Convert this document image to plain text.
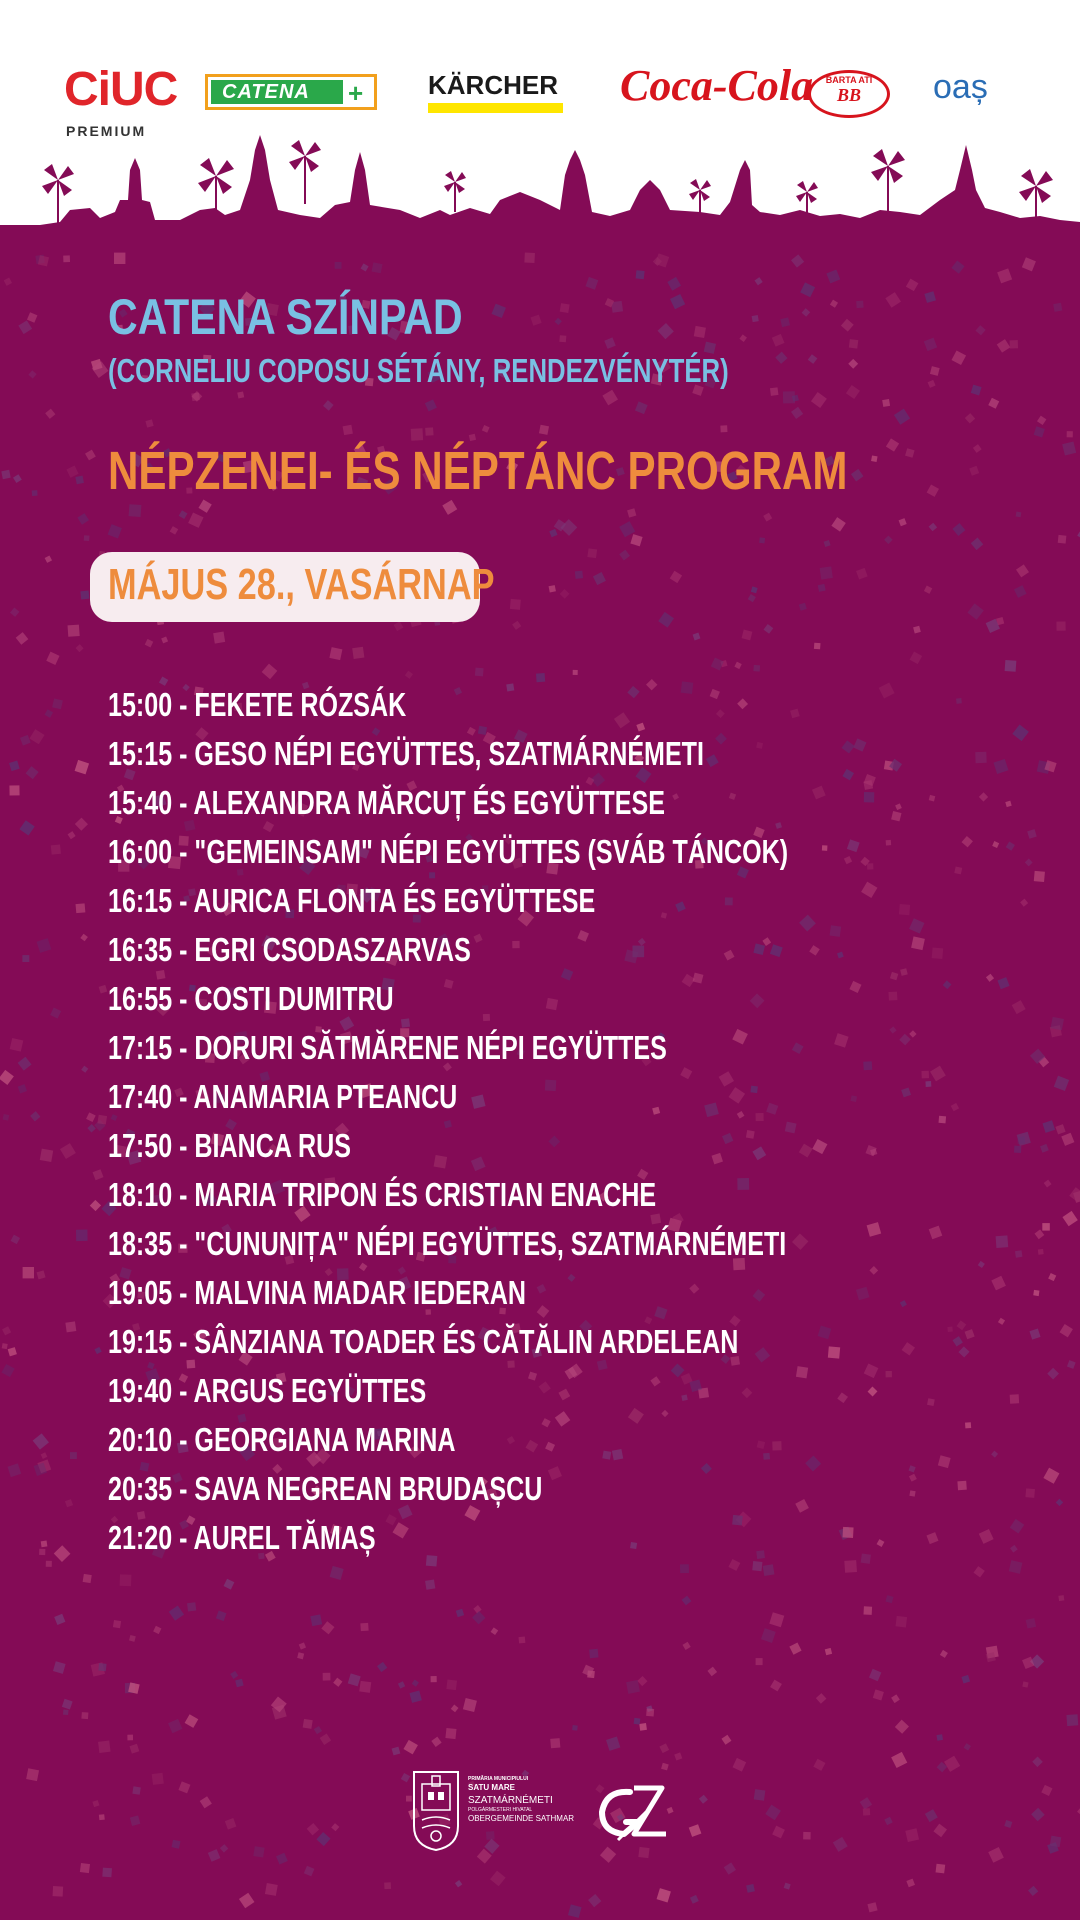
CiUC
PREMIUM
CATENA + KÄRCHER Coca-Cola	BARTA ATI
BB	oaș
CATENA SZÍNPAD
(CORNELIU COPOSU SÉTÁNY, RENDEZVÉNYTÉR)
NÉPZENEI- ÉS NÉPTÁNC PROGRAM
MÁJUS 28., VASÁRNAP
15:00 - FEKETE RÓZSÁK
15:15 - GESO NÉPI EGYÜTTES, SZATMÁRNÉMETI
15:40 - ALEXANDRA MĂRCUȚ ÉS EGYÜTTESE
16:00 - "GEMEINSAM" NÉPI EGYÜTTES (SVÁB TÁNCOK)
16:15 - AURICA FLONTA ÉS EGYÜTTESE
16:35 - EGRI CSODASZARVAS
16:55 - COSTI DUMITRU
17:15 - DORURI SĂTMĂRENE NÉPI EGYÜTTES
17:40 - ANAMARIA PTEANCU
17:50 - BIANCA RUS
18:10 - MARIA TRIPON ÉS CRISTIAN ENACHE
18:35 - "CUNUNIȚA" NÉPI EGYÜTTES, SZATMÁRNÉMETI
19:05 - MALVINA MADAR IEDERAN
19:15 - SÂNZIANA TOADER ÉS CĂTĂLIN ARDELEAN
19:40 - ARGUS EGYÜTTES
20:10 - GEORGIANA MARINA
20:35 - SAVA NEGREAN BRUDAȘCU
21:20 - AUREL TĂMAȘ
PRIMĂRIA MUNICIPIULUI
SATU MARE
SZATMÁRNÉMETI
POLGÁRMESTERI HIVATAL
OBERGEMEINDE SATHMAR
